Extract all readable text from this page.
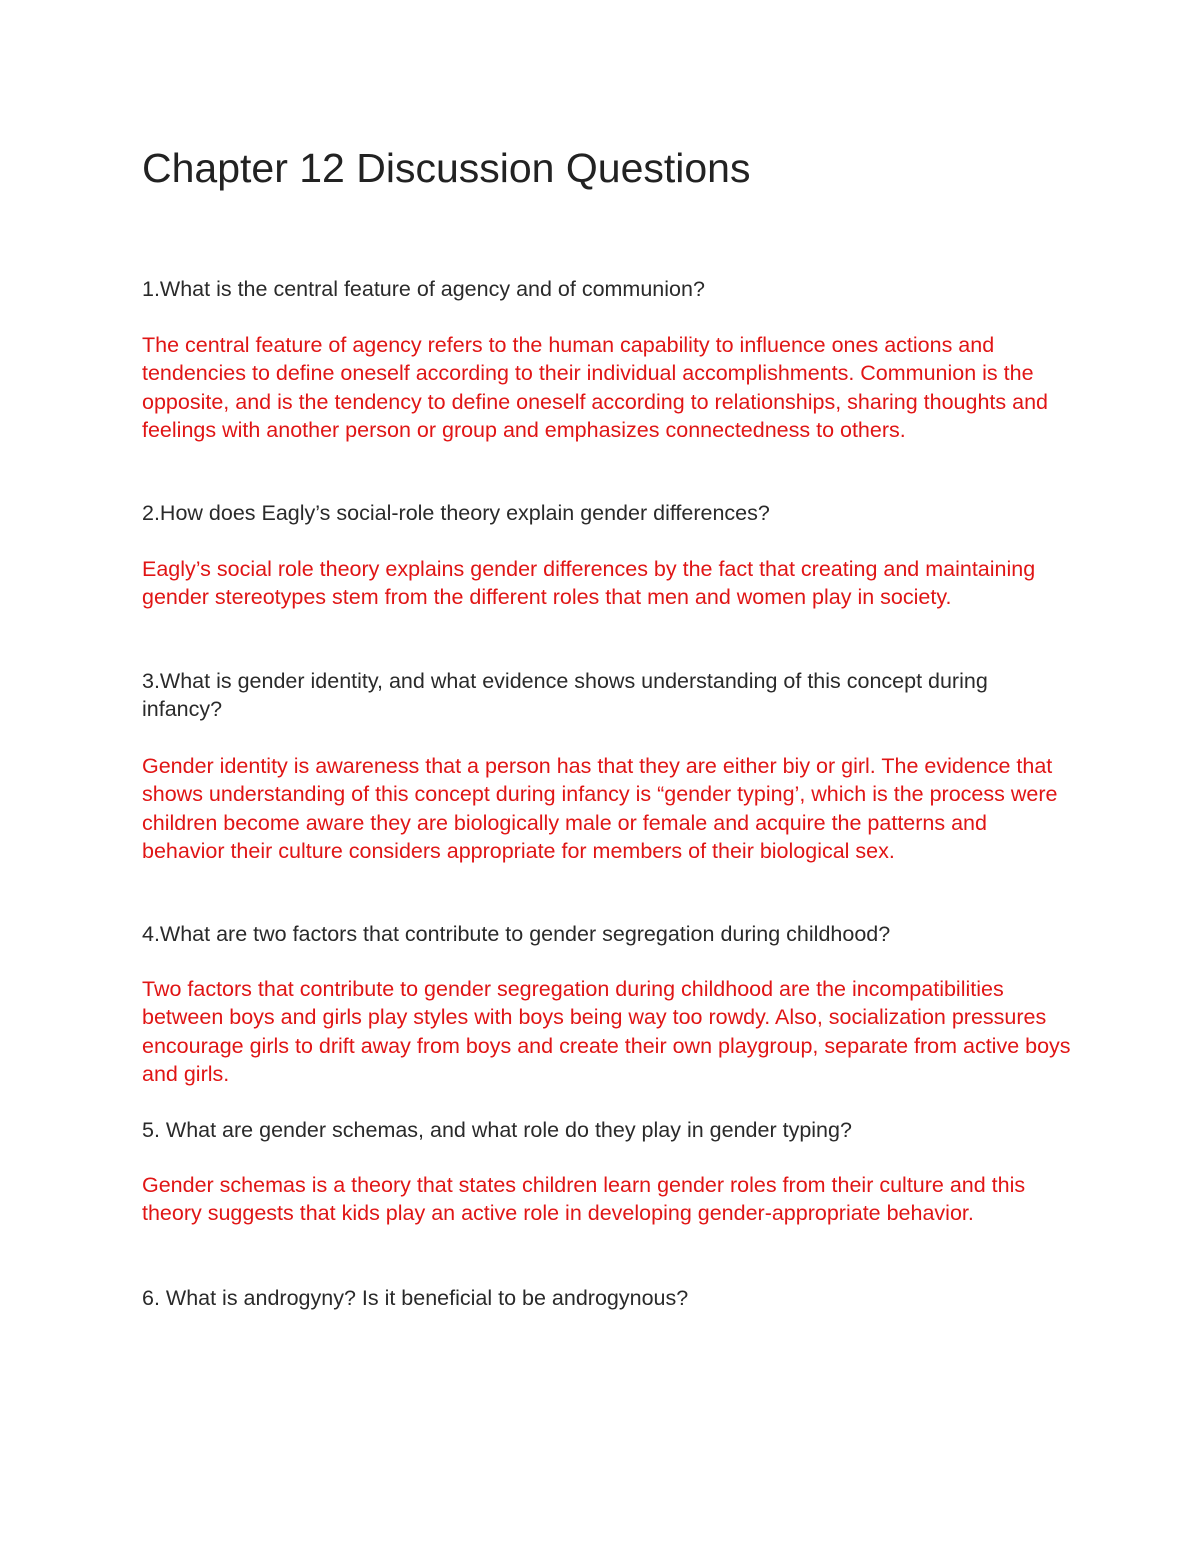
Chapter 12 Discussion Questions

1.What is the central feature of agency and of communion?

The central feature of agency refers to the human capability to influence ones actions and tendencies to define oneself according to their individual accomplishments. Communion is the opposite, and is the tendency to define oneself according to relationships, sharing thoughts and feelings with another person or group and emphasizes connectedness to others.

2.How does Eagly’s social-role theory explain gender differences?

Eagly’s social role theory explains gender differences by the fact that creating and maintaining gender stereotypes stem from the different roles that men and women play in society.

3.What is gender identity, and what evidence shows understanding of this concept during infancy?

Gender identity is awareness that a person has that they are either biy or girl. The evidence that shows understanding of this concept during infancy is “gender typing’, which is the process were children become aware they are biologically male or female and acquire the patterns and behavior their culture considers appropriate for members of their biological sex.

4.What are two factors that contribute to gender segregation during childhood?

Two factors that contribute to gender segregation during childhood are the incompatibilities between boys and girls play styles with boys being way too rowdy. Also, socialization pressures encourage girls to drift away from boys and create their own playgroup, separate from active boys and girls.

5. What are gender schemas, and what role do they play in gender typing?

Gender schemas is a theory that states children learn gender roles from their culture and this theory suggests that kids play an active role in developing gender-appropriate behavior.

6. What is androgyny? Is it beneficial to be androgynous?
